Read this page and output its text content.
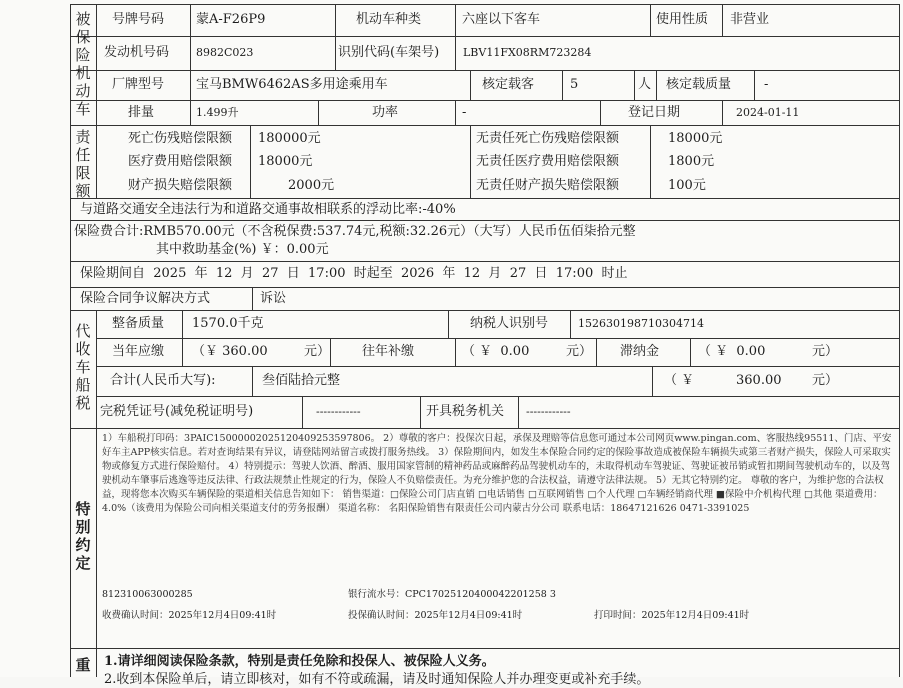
被保险机动车
责任限额
代收车船税
特别约定
重
号牌号码 蒙A-F26P9	机动车种类	六座以下客车	使用性质 非营业
发动机号码 8982C023	识别代码(车架号) LBV11FX08RM723284
厂牌型号 宝马BMW6462AS多用途乘用车	核定载客	5	人 核定载质量	-
排量	1.499升	功率	-	登记日期	2024-01-11
死亡伤残赔偿限额 180000元	无责任死亡伤残赔偿限额	18000元
医疗费用赔偿限额 18000元	无责任医疗费用赔偿限额	1800元
财产损失赔偿限额	2000元	无责任财产损失赔偿限额	100元
与道路交通安全违法行为和道路交通事故相联系的浮动比率:-40%
保险费合计:RMB570.00元（不含税保费:537.74元,税额:32.26元）（大写）人民币伍佰柒拾元整
其中救助基金(%) ￥：0.00元
保险期间自  2025  年  12  月  27  日  17:00  时起至  2026  年  12  月  27  日  17:00  时止
保险合同争议解决方式	诉讼
整备质量 1570.0千克	纳税人识别号	152630198710304714
当年应缴 （￥ 360.00	元） 往年补缴	（ ￥  0.00	元） 滞纳金	（ ￥  0.00	元）
合计(人民币大写):	叁佰陆拾元整	（ ￥	360.00 元）
完税凭证号(减免税证明号)	------------	开具税务机关 ------------
1）车船税打印码：3PAIC15000002025120409253597806。 2）尊敬的客户：投保次日起，承保及理赔等信息您可通过本公司网页www.pingan.com、客服热线95511、门店、平安好车主APP核实信息。若对查询结果有异议，请登陆网站留言或拨打服务热线。 3）保险期间内，如发生本保险合同约定的保险事故造成被保险车辆损失或第三者财产损失，保险人可采取实物或修复方式进行保险赔付。 4）特别提示：驾驶人饮酒、醉酒、服用国家管制的精神药品或麻醉药品驾驶机动车的，未取得机动车驾驶证、驾驶证被吊销或暂扣期间驾驶机动车的，以及驾驶机动车肇事后逃逸等违反法律、行政法规禁止性规定的行为，保险人不负赔偿责任。为充分维护您的合法权益，请遵守法律法规。 5）无其它特别约定。 尊敬的客户，为维护您的合法权益，现将您本次购买车辆保险的渠道相关信息告知如下： 销售渠道：□保险公司门店直销 □电话销售 □互联网销售 □个人代理 □车辆经销商代理 ■保险中介机构代理 □其他 渠道费用：4.0%（该费用为保险公司向相关渠道支付的劳务报酬） 渠道名称： 名阳保险销售有限责任公司内蒙古分公司 联系电话：18647121626 0471-3391025
812310063000285	银行流水号：CPC17025120400042201258 3
收费确认时间：2025年12月4日09:41时	投保确认时间：2025年12月4日09:41时	打印时间：2025年12月4日09:41时
1.请详细阅读保险条款，特别是责任免除和投保人、被保险人义务。
2.收到本保险单后，请立即核对，如有不符或疏漏，请及时通知保险人并办理变更或补充手续。
